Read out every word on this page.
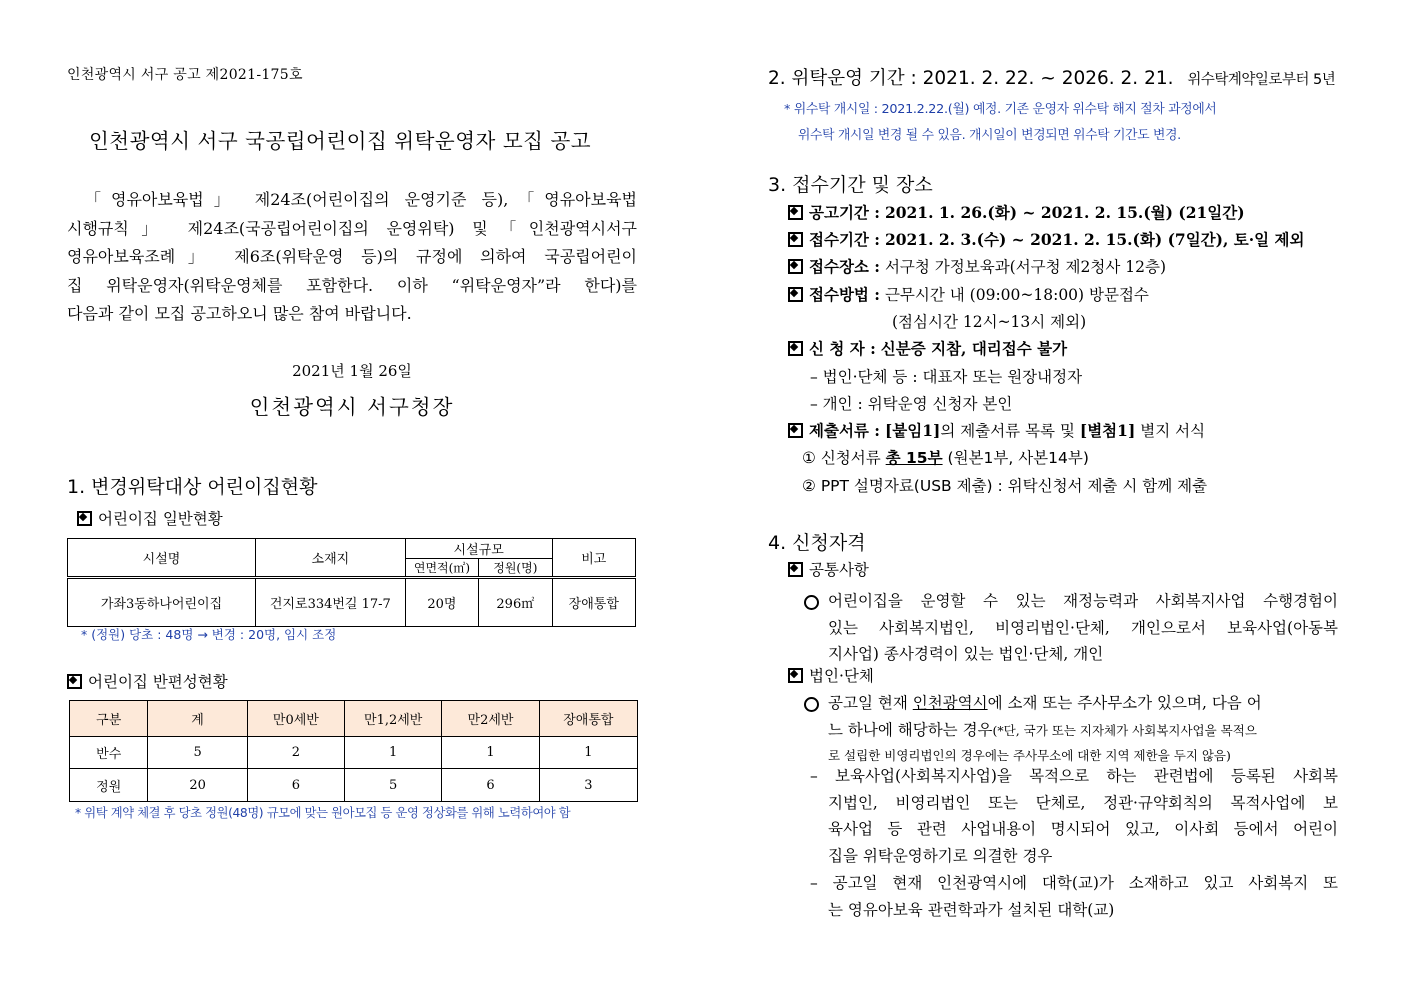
인천광역시 서구 공고 제2021-175호
인천광역시 서구 국공립어린이집 위탁운영자 모집 공고
「영유아보육법」 제24조(어린이집의 운영기준 등),「영유아보육법
시행규칙」 제24조(국공립어린이집의 운영위탁) 및「인천광역시서구
영유아보육조례」 제6조(위탁운영 등)의 규정에 의하여 국공립어린이
집 위탁운영자(위탁운영체를 포함한다. 이하 “위탁운영자”라 한다)를
다음과 같이 모집 공고하오니 많은 참여 바랍니다.
2021년 1월 26일
인천광역시 서구청장
1. 변경위탁대상 어린이집현황
어린이집 일반현황
시설명	소재지	시설규모		비고
		연면적(㎡)	정원(명)	
가좌3동하나어린이집	건지로334번길 17-7	20명	296㎡	장애통합
* (정원) 당초 : 48명 → 변경 : 20명, 임시 조정
어린이집 반편성현황
구분	계	만0세반	만1,2세반	만2세반	장애통합
반수	5	2	1	1	1
정원	20	6	5	6	3
* 위탁 계약 체결 후 당초 정원(48명) 규모에 맞는 원아모집 등 운영 정상화를 위해 노력하여야 함
2. 위탁운영 기간 : 2021. 2. 22. ~ 2026. 2. 21. 위수탁계약일로부터 5년
* 위수탁 개시일 : 2021.2.22.(월) 예정. 기존 운영자 위수탁 해지 절차 과정에서
위수탁 개시일 변경 될 수 있음. 개시일이 변경되면 위수탁 기간도 변경.
3. 접수기간 및 장소
공고기간 : 2021. 1. 26.(화) ~ 2021. 2. 15.(월) (21일간)
접수기간 : 2021. 2. 3.(수) ~ 2021. 2. 15.(화) (7일간), 토·일 제외
접수장소 : 서구청 가정보육과(서구청 제2청사 12층)
접수방법 : 근무시간 내 (09:00~18:00) 방문접수
(점심시간 12시~13시 제외)
신 청 자 : 신분증 지참, 대리접수 불가
– 법인·단체 등 : 대표자 또는 원장내정자
– 개인 : 위탁운영 신청자 본인
제출서류 : [붙임1]의 제출서류 목록 및 [별첨1] 별지 서식
① 신청서류 총 15부 (원본1부, 사본14부)
② PPT 설명자료(USB 제출) : 위탁신청서 제출 시 함께 제출
4. 신청자격
공통사항
어린이집을 운영할 수 있는 재정능력과 사회복지사업 수행경험이
있는 사회복지법인, 비영리법인·단체, 개인으로서 보육사업(아동복
지사업) 종사경력이 있는 법인·단체, 개인
법인·단체
공고일 현재 인천광역시에 소재 또는 주사무소가 있으며, 다음 어
느 하나에 해당하는 경우(*단, 국가 또는 지자체가 사회복지사업을 목적으
로 설립한 비영리법인의 경우에는 주사무소에 대한 지역 제한을 두지 않음)
– 보육사업(사회복지사업)을 목적으로 하는 관련법에 등록된 사회복
지법인, 비영리법인 또는 단체로, 정관·규약회칙의 목적사업에 보
육사업 등 관련 사업내용이 명시되어 있고, 이사회 등에서 어린이
집을 위탁운영하기로 의결한 경우
– 공고일 현재 인천광역시에 대학(교)가 소재하고 있고 사회복지 또
는 영유아보육 관련학과가 설치된 대학(교)
